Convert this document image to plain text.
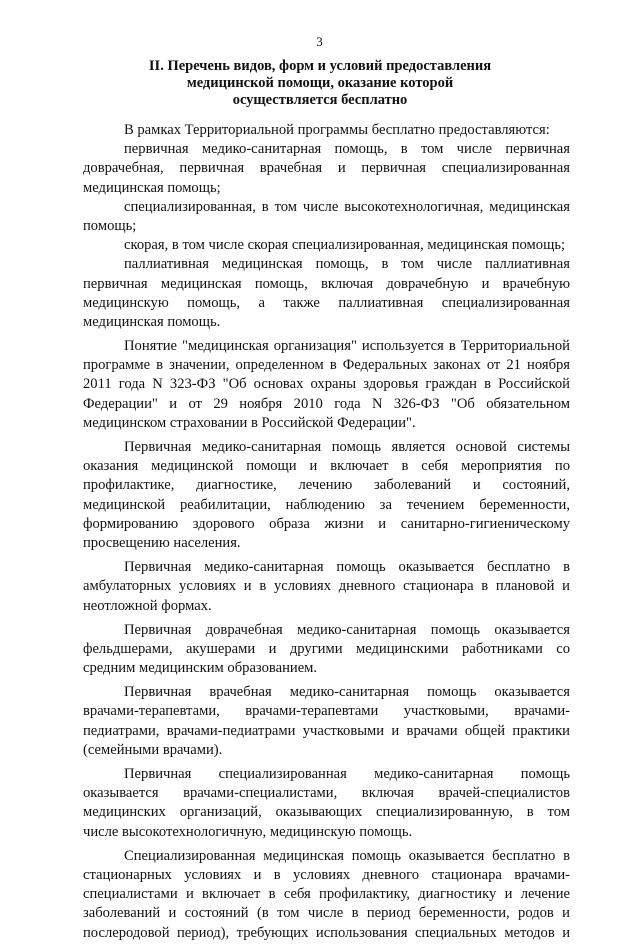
3
II. Перечень видов, форм и условий предоставления
медицинской помощи, оказание которой
осуществляется бесплатно
В рамках Территориальной программы бесплатно предоставляются:
первичная медико-санитарная помощь, в том числе первичная
доврачебная, первичная врачебная и первичная специализированная
медицинская помощь;
специализированная, в том числе высокотехнологичная, медицинская
помощь;
скорая, в том числе скорая специализированная, медицинская помощь;
паллиативная медицинская помощь, в том числе паллиативная
первичная медицинская помощь, включая доврачебную и врачебную
медицинскую помощь, а также паллиативная специализированная
медицинская помощь.
Понятие "медицинская организация" используется в Территориальной
программе в значении, определенном в Федеральных законах от 21 ноября
2011 года N 323-ФЗ "Об основах охраны здоровья граждан в Российской
Федерации" и от 29 ноября 2010 года N 326-ФЗ "Об обязательном
медицинском страховании в Российской Федерации".
Первичная медико-санитарная помощь является основой системы
оказания медицинской помощи и включает в себя мероприятия по
профилактике, диагностике, лечению заболеваний и состояний,
медицинской реабилитации, наблюдению за течением беременности,
формированию здорового образа жизни и санитарно-гигиеническому
просвещению населения.
Первичная медико-санитарная помощь оказывается бесплатно в
амбулаторных условиях и в условиях дневного стационара в плановой и
неотложной формах.
Первичная доврачебная медико-санитарная помощь оказывается
фельдшерами, акушерами и другими медицинскими работниками со
средним медицинским образованием.
Первичная врачебная медико-санитарная помощь оказывается
врачами-терапевтами, врачами-терапевтами участковыми, врачами-
педиатрами, врачами-педиатрами участковыми и врачами общей практики
(семейными врачами).
Первичная специализированная медико-санитарная помощь
оказывается врачами-специалистами, включая врачей-специалистов
медицинских организаций, оказывающих специализированную, в том
числе высокотехнологичную, медицинскую помощь.
Специализированная медицинская помощь оказывается бесплатно в
стационарных условиях и в условиях дневного стационара врачами-
специалистами и включает в себя профилактику, диагностику и лечение
заболеваний и состояний (в том числе в период беременности, родов и
послеродовой период), требующих использования специальных методов и
